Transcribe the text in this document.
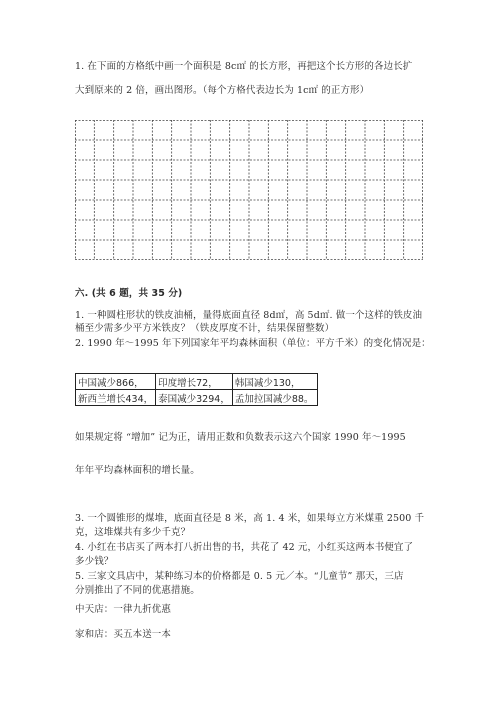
1. 在下面的方格纸中画一个面积是 8c㎡ 的长方形，再把这个长方形的各边长扩
大到原来的 2 倍，画出图形。（每个方格代表边长为 1c㎡ 的正方形）
六. (共 6 题，共 35 分)
1. 一种圆柱形状的铁皮油桶，量得底面直径 8d㎡，高 5d㎡. 做一个这样的铁皮油
桶至少需多少平方米铁皮？（铁皮厚度不计，结果保留整数）
2. 1990 年～1995 年下列国家年平均森林面积（单位：平方千米）的变化情况是：
中国减少866，	印度增长72，	韩国减少130，
新西兰增长434，	泰国减少3294，	孟加拉国减少88。
如果规定将 “增加” 记为正，请用正数和负数表示这六个国家 1990 年～1995
年年平均森林面积的增长量。
3. 一个圆锥形的煤堆，底面直径是 8 米，高 1. 4 米，如果每立方米煤重 2500 千
克，这堆煤共有多少千克？
4. 小红在书店买了两本打八折出售的书，共花了 42 元，小红买这两本书便宜了
多少钱？
5. 三家文具店中，某种练习本的价格都是 0. 5 元／本。“儿童节” 那天，三店
分别推出了不同的优惠措施。
中天店：一律九折优惠
家和店：买五本送一本
